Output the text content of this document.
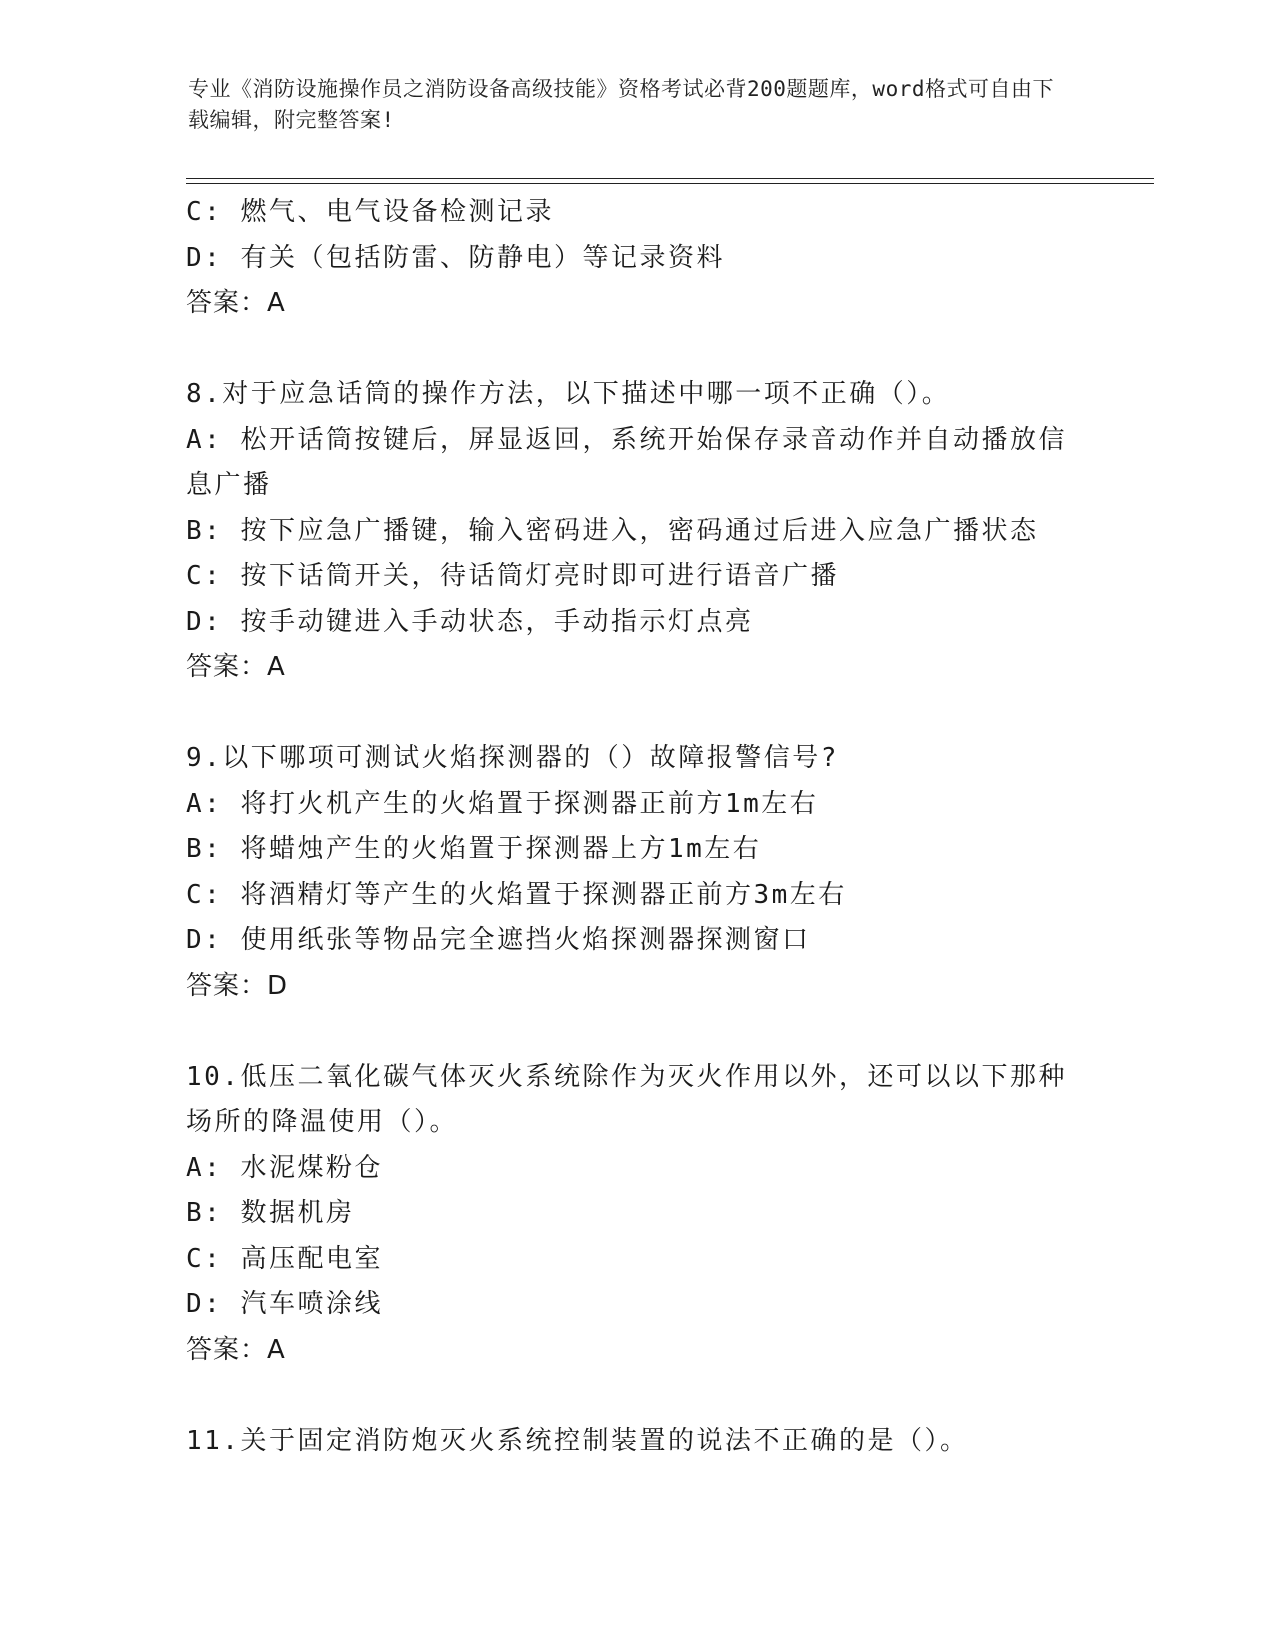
专业《消防设施操作员之消防设备高级技能》资格考试必背200题题库，word格式可自由下载编辑，附完整答案!
C: 燃气、电气设备检测记录
D: 有关（包括防雷、防静电）等记录资料
答案：A
8.对于应急话筒的操作方法，以下描述中哪一项不正确（）。
A: 松开话筒按键后，屏显返回，系统开始保存录音动作并自动播放信息广播
B: 按下应急广播键，输入密码进入，密码通过后进入应急广播状态
C: 按下话筒开关，待话筒灯亮时即可进行语音广播
D: 按手动键进入手动状态，手动指示灯点亮
答案：A
9.以下哪项可测试火焰探测器的（）故障报警信号?
A: 将打火机产生的火焰置于探测器正前方1m左右
B: 将蜡烛产生的火焰置于探测器上方1m左右
C: 将酒精灯等产生的火焰置于探测器正前方3m左右
D: 使用纸张等物品完全遮挡火焰探测器探测窗口
答案：D
10.低压二氧化碳气体灭火系统除作为灭火作用以外，还可以以下那种场所的降温使用（）。
A: 水泥煤粉仓
B: 数据机房
C: 高压配电室
D: 汽车喷涂线
答案：A
11.关于固定消防炮灭火系统控制装置的说法不正确的是（）。
